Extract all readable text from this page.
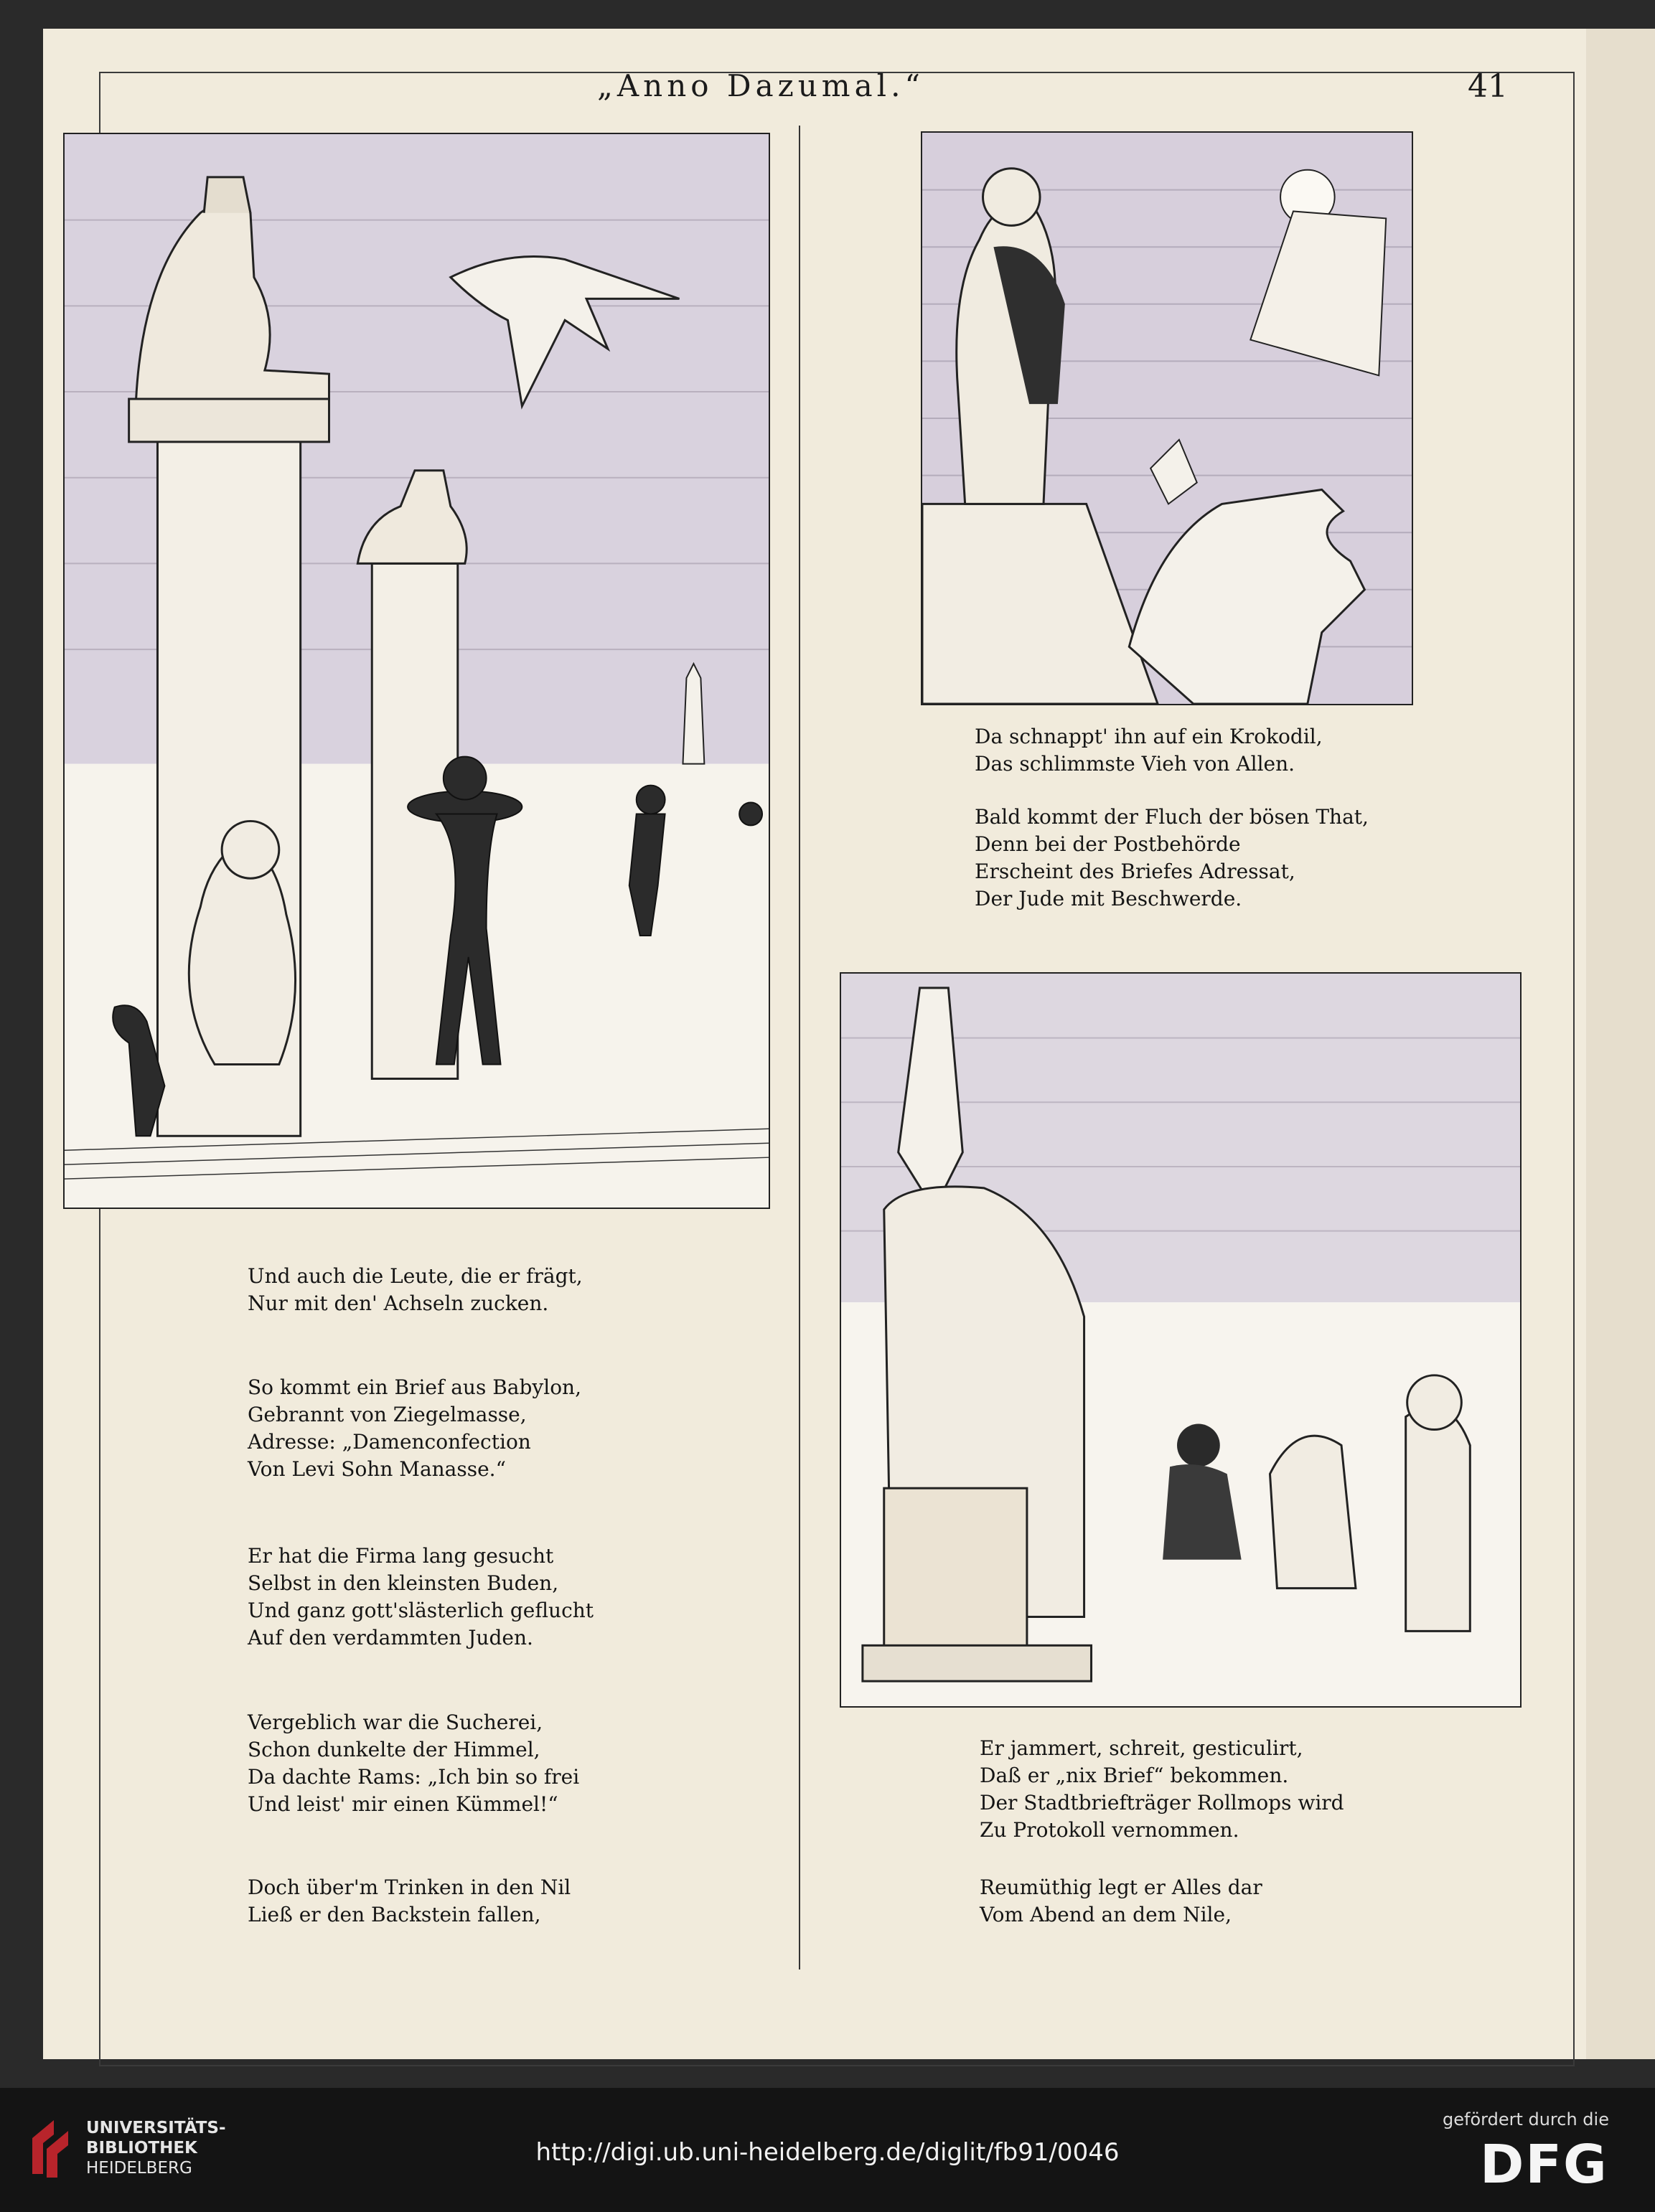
„Anno Dazumal.“	41
Und auch die Leute, die er frägt,
Nur mit den' Achseln zucken.
So kommt ein Brief aus Babylon,
Gebrannt von Ziegelmasse,
Adresse: „Damenconfection
Von Levi Sohn Manasse.“
Er hat die Firma lang gesucht
Selbst in den kleinsten Buden,
Und ganz gott'slästerlich geflucht
Auf den verdammten Juden.
Vergeblich war die Sucherei,
Schon dunkelte der Himmel,
Da dachte Rams: „Ich bin so frei
Und leist' mir einen Kümmel!“
Doch über'm Trinken in den Nil
Ließ er den Backstein fallen,
Da schnappt' ihn auf ein Krokodil,
Das schlimmste Vieh von Allen.
Bald kommt der Fluch der bösen That,
Denn bei der Postbehörde
Erscheint des Briefes Adressat,
Der Jude mit Beschwerde.
Er jammert, schreit, gesticulirt,
Daß er „nix Brief“ bekommen.
Der Stadtbriefträger Rollmops wird
Zu Protokoll vernommen.
Reumüthig legt er Alles dar
Vom Abend an dem Nile,
UNIVERSITÄTS-
BIBLIOTHEK
HEIDELBERG
http://digi.ub.uni-heidelberg.de/diglit/fb91/0046
gefördert durch die
DFG
